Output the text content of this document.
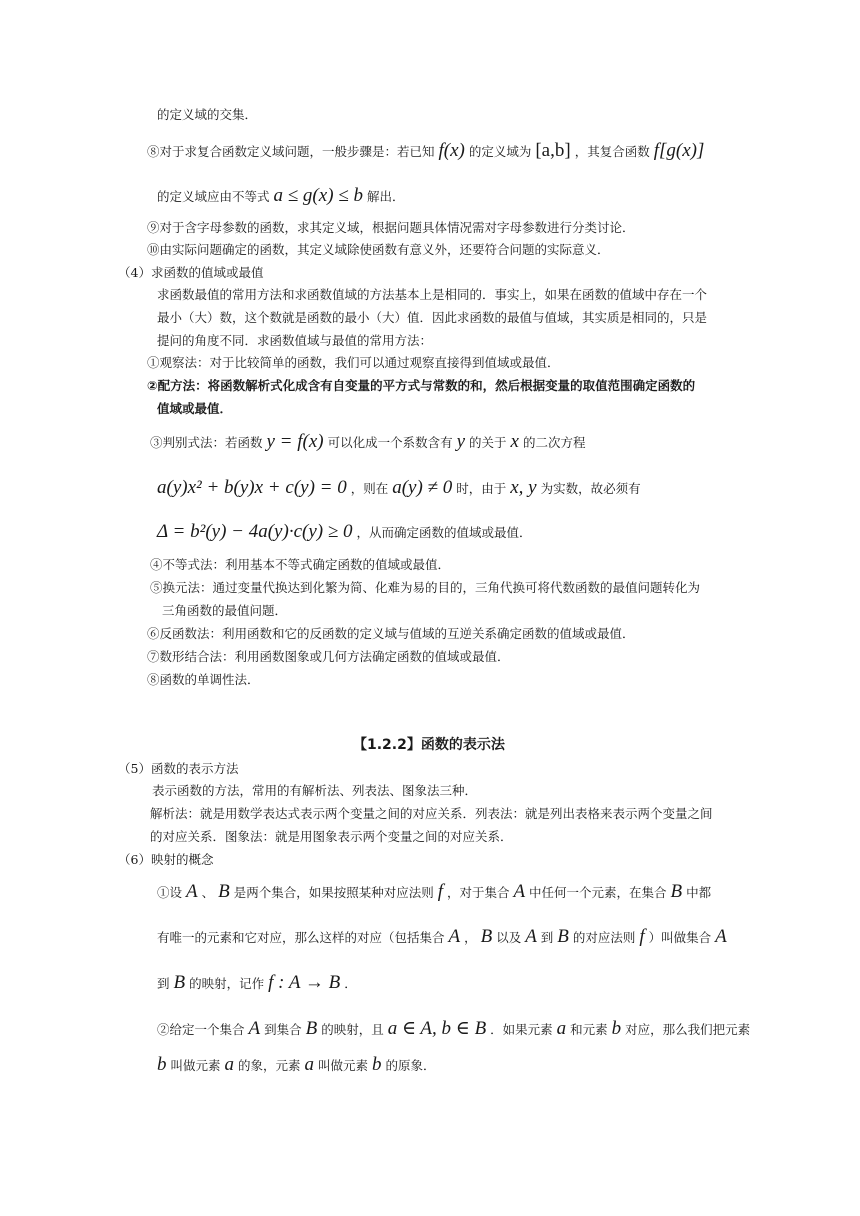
的定义域的交集．
⑧对于求复合函数定义域问题，一般步骤是：若已知 f(x) 的定义域为 [a,b] ，其复合函数 f[g(x)]
的定义域应由不等式 a ≤ g(x) ≤ b 解出．
⑨对于含字母参数的函数，求其定义域，根据问题具体情况需对字母参数进行分类讨论．
⑩由实际问题确定的函数，其定义域除使函数有意义外，还要符合问题的实际意义．
（4）求函数的值域或最值
求函数最值的常用方法和求函数值域的方法基本上是相同的．事实上，如果在函数的值域中存在一个
最小（大）数，这个数就是函数的最小（大）值．因此求函数的最值与值域，其实质是相同的，只是
提问的角度不同．求函数值域与最值的常用方法：
①观察法：对于比较简单的函数，我们可以通过观察直接得到值域或最值．
②配方法：将函数解析式化成含有自变量的平方式与常数的和，然后根据变量的取值范围确定函数的
值域或最值．
③判别式法：若函数 y = f(x) 可以化成一个系数含有 y 的关于 x 的二次方程
a(y)x² + b(y)x + c(y) = 0 ，则在 a(y) ≠ 0 时，由于 x, y 为实数，故必须有
Δ = b²(y) − 4a(y)·c(y) ≥ 0 ，从而确定函数的值域或最值．
④不等式法：利用基本不等式确定函数的值域或最值．
⑤换元法：通过变量代换达到化繁为简、化难为易的目的，三角代换可将代数函数的最值问题转化为
三角函数的最值问题．
⑥反函数法：利用函数和它的反函数的定义域与值域的互逆关系确定函数的值域或最值．
⑦数形结合法：利用函数图象或几何方法确定函数的值域或最值．
⑧函数的单调性法．
【1.2.2】函数的表示法
（5）函数的表示方法
表示函数的方法，常用的有解析法、列表法、图象法三种．
解析法：就是用数学表达式表示两个变量之间的对应关系．列表法：就是列出表格来表示两个变量之间
的对应关系．图象法：就是用图象表示两个变量之间的对应关系．
（6）映射的概念
①设 A 、 B 是两个集合，如果按照某种对应法则 f ，对于集合 A 中任何一个元素，在集合 B 中都
有唯一的元素和它对应，那么这样的对应（包括集合 A ， B 以及 A 到 B 的对应法则 f ）叫做集合 A
到 B 的映射，记作 f : A → B ．
②给定一个集合 A 到集合 B 的映射，且 a ∈ A, b ∈ B ．如果元素 a 和元素 b 对应，那么我们把元素
b 叫做元素 a 的象，元素 a 叫做元素 b 的原象．
